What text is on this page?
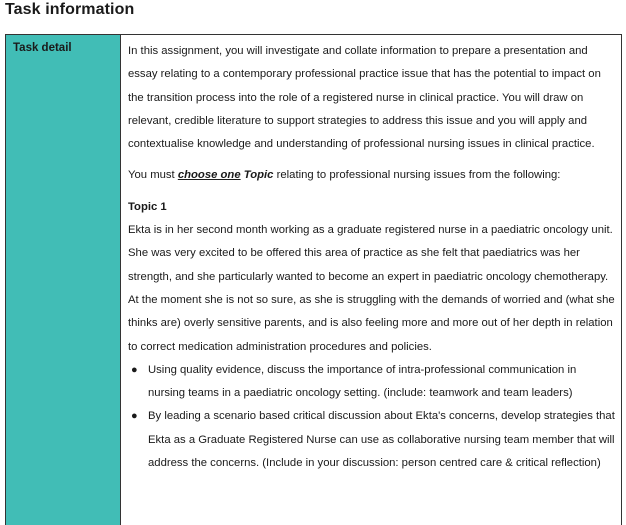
Task information
Task detail	In this assignment, you will investigate and collate information to prepare a presentation and essay relating to a contemporary professional practice issue that has the potential to impact on the transition process into the role of a registered nurse in clinical practice. You will draw on relevant, credible literature to support strategies to address this issue and you will apply and contextualise knowledge and understanding of professional nursing issues in clinical practice.

You must choose one Topic relating to professional nursing issues from the following:

Topic 1

Ekta is in her second month working as a graduate registered nurse in a paediatric oncology unit. She was very excited to be offered this area of practice as she felt that paediatrics was her strength, and she particularly wanted to become an expert in paediatric oncology chemotherapy. At the moment she is not so sure, as she is struggling with the demands of worried and (what she thinks are) overly sensitive parents, and is also feeling more and more out of her depth in relation to correct medication administration procedures and policies.

● Using quality evidence, discuss the importance of intra-professional communication in nursing teams in a paediatric oncology setting. (include: teamwork and team leaders)
● By leading a scenario based critical discussion about Ekta's concerns, develop strategies that Ekta as a Graduate Registered Nurse can use as collaborative nursing team member that will address the concerns. (Include in your discussion: person centred care & critical reflection)
